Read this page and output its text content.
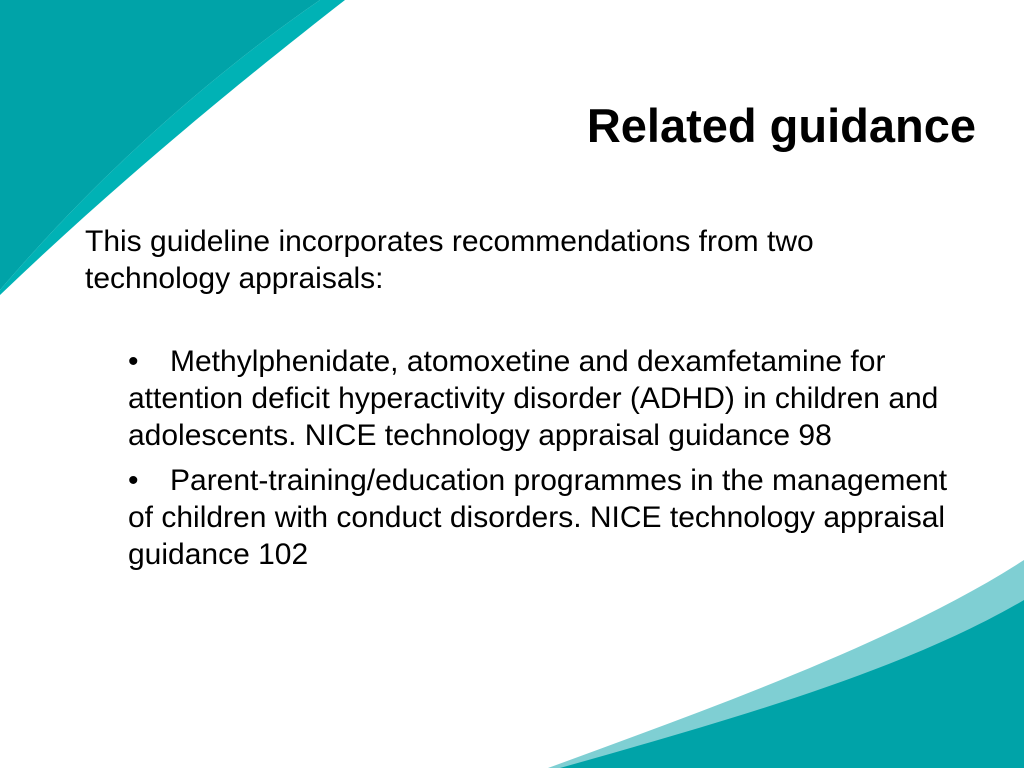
Related guidance

This guideline incorporates recommendations from two technology appraisals:

• Methylphenidate, atomoxetine and dexamfetamine for attention deficit hyperactivity disorder (ADHD) in children and adolescents. NICE technology appraisal guidance 98
• Parent-training/education programmes in the management of children with conduct disorders. NICE technology appraisal guidance 102
